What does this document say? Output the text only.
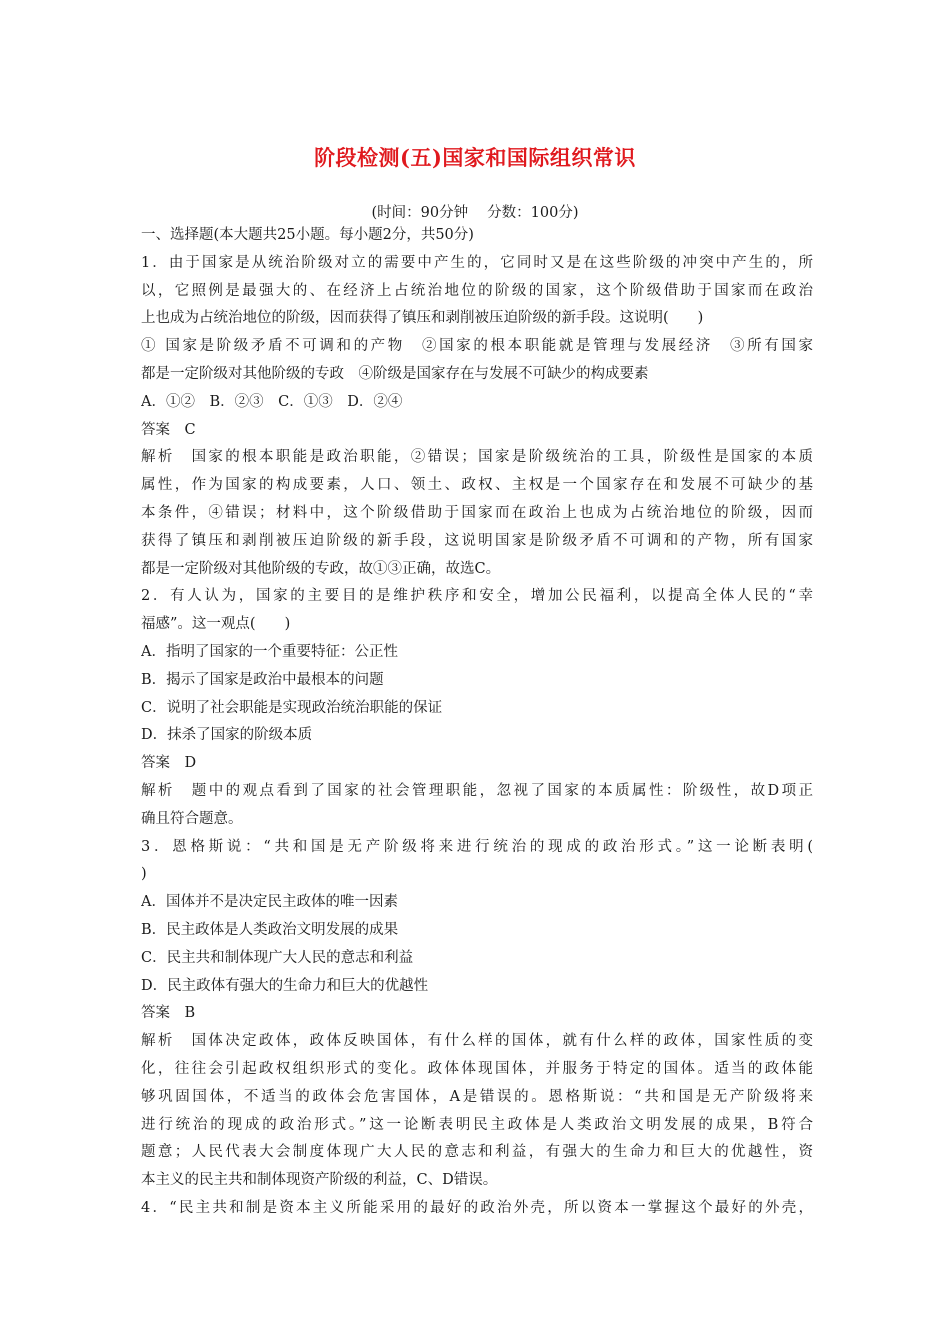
阶段检测(五)国家和国际组织常识
(时间：90分钟　 分数：100分)
一、选择题(本大题共25小题。每小题2分，共50分)
1．由于国家是从统治阶级对立的需要中产生的，它同时又是在这些阶级的冲突中产生的，所
以，它照例是最强大的、在经济上占统治地位的阶级的国家，这个阶级借助于国家而在政治
上也成为占统治地位的阶级，因而获得了镇压和剥削被压迫阶级的新手段。这说明(　　)
① 国家是阶级矛盾不可调和的产物　②国家的根本职能就是管理与发展经济　③所有国家
都是一定阶级对其他阶级的专政　④阶级是国家存在与发展不可缺少的构成要素
A．①②　B．②③　C．①③　D．②④
答案　C
解析　国家的根本职能是政治职能，②错误；国家是阶级统治的工具，阶级性是国家的本质
属性，作为国家的构成要素，人口、领土、政权、主权是一个国家存在和发展不可缺少的基
本条件，④错误；材料中，这个阶级借助于国家而在政治上也成为占统治地位的阶级，因而
获得了镇压和剥削被压迫阶级的新手段，这说明国家是阶级矛盾不可调和的产物，所有国家
都是一定阶级对其他阶级的专政，故①③正确，故选C。
2．有人认为，国家的主要目的是维护秩序和安全，增加公民福利，以提高全体人民的“幸
福感”。这一观点(　　)
A．指明了国家的一个重要特征：公正性
B．揭示了国家是政治中最根本的问题
C．说明了社会职能是实现政治统治职能的保证
D．抹杀了国家的阶级本质
答案　D
解析　题中的观点看到了国家的社会管理职能，忽视了国家的本质属性：阶级性，故D项正
确且符合题意。
3．恩格斯说：“共和国是无产阶级将来进行统治的现成的政治形式。”这一论断表明(
)
A．国体并不是决定民主政体的唯一因素
B．民主政体是人类政治文明发展的成果
C．民主共和制体现广大人民的意志和利益
D．民主政体有强大的生命力和巨大的优越性
答案　B
解析　国体决定政体，政体反映国体，有什么样的国体，就有什么样的政体，国家性质的变
化，往往会引起政权组织形式的变化。政体体现国体，并服务于特定的国体。适当的政体能
够巩固国体，不适当的政体会危害国体，A是错误的。恩格斯说：“共和国是无产阶级将来
进行统治的现成的政治形式。”这一论断表明民主政体是人类政治文明发展的成果，B符合
题意；人民代表大会制度体现广大人民的意志和利益，有强大的生命力和巨大的优越性，资
本主义的民主共和制体现资产阶级的利益，C、D错误。
4．“民主共和制是资本主义所能采用的最好的政治外壳，所以资本一掌握这个最好的外壳，
